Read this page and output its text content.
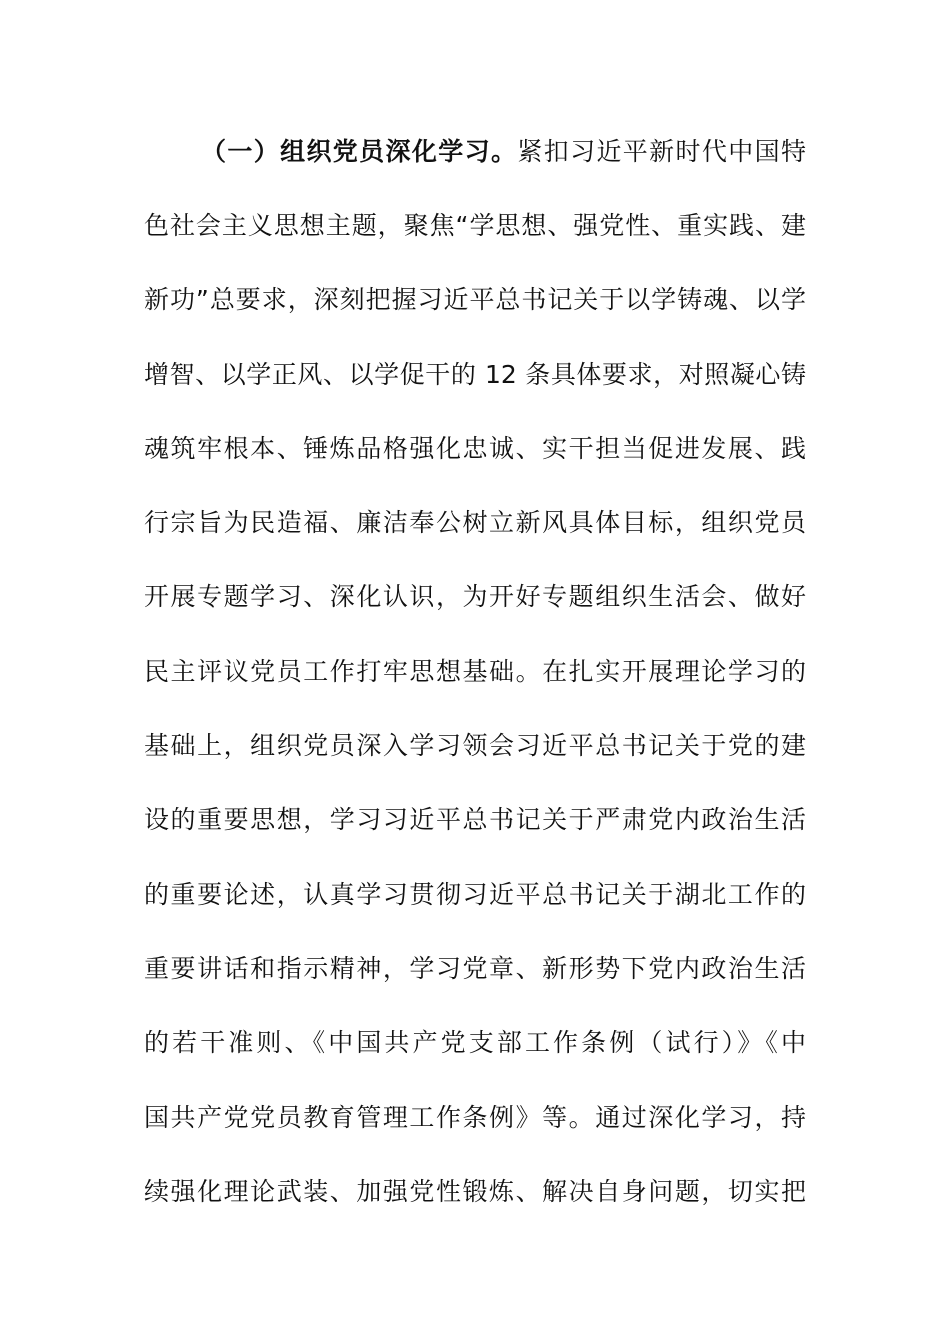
（一）组织党员深化学习。紧扣习近平新时代中国特
色社会主义思想主题，聚焦“学思想、强党性、重实践、建
新功”总要求，深刻把握习近平总书记关于以学铸魂、以学
增智、以学正风、以学促干的 12 条具体要求，对照凝心铸
魂筑牢根本、锤炼品格强化忠诚、实干担当促进发展、践
行宗旨为民造福、廉洁奉公树立新风具体目标，组织党员
开展专题学习、深化认识，为开好专题组织生活会、做好
民主评议党员工作打牢思想基础。在扎实开展理论学习的
基础上，组织党员深入学习领会习近平总书记关于党的建
设的重要思想，学习习近平总书记关于严肃党内政治生活
的重要论述，认真学习贯彻习近平总书记关于湖北工作的
重要讲话和指示精神，学习党章、新形势下党内政治生活
的若干准则、《中国共产党支部工作条例（试行）》《中
国共产党党员教育管理工作条例》等。通过深化学习，持
续强化理论武装、加强党性锻炼、解决自身问题，切实把
